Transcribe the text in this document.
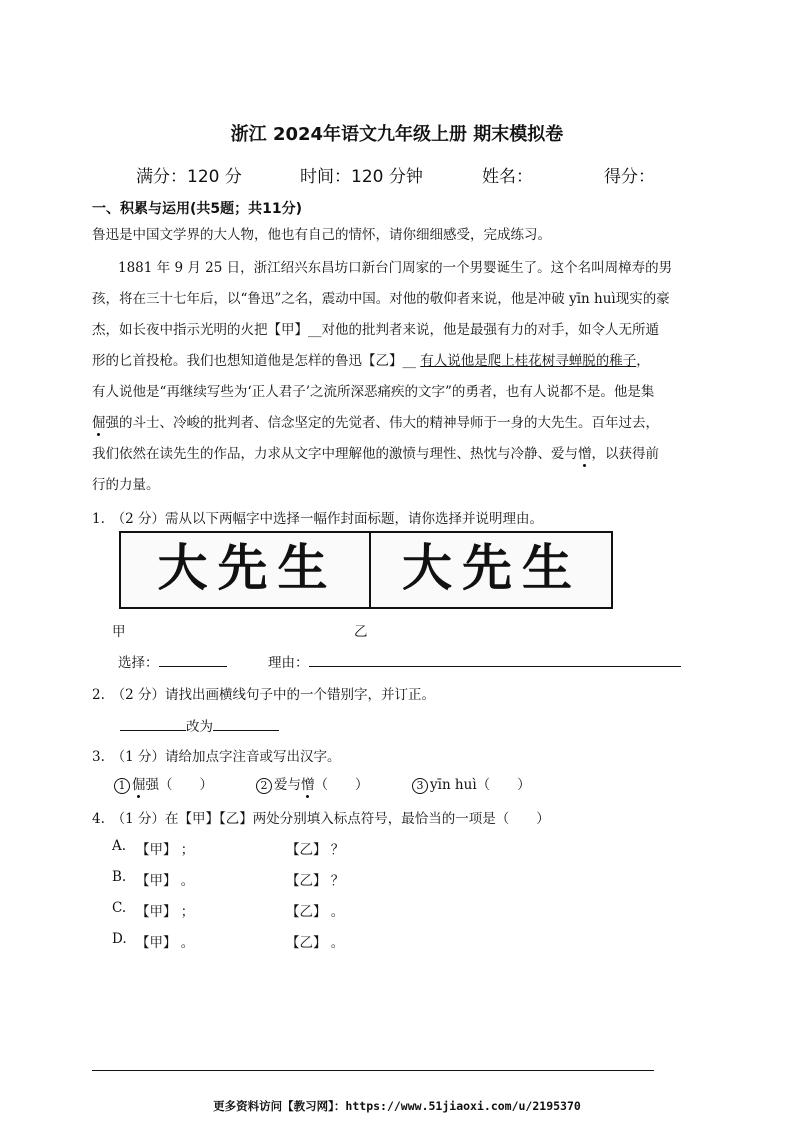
浙江 2024年语文九年级上册 期末模拟卷
满分：120 分	时间：120 分钟	姓名：	得分：
一、积累与运用(共5题；共11分)
鲁迅是中国文学界的大人物，他也有自己的情怀，请你细细感受，完成练习。
1881 年 9 月 25 日，浙江绍兴东昌坊口新台门周家的一个男婴诞生了。这个名叫周樟寿的男
孩，将在三十七年后，以“鲁迅”之名，震动中国。对他的敬仰者来说，他是冲破 yīn huì现实的豪
杰，如长夜中指示光明的火把【甲】__对他的批判者来说，他是最强有力的对手，如令人无所遁
形的匕首投枪。我们也想知道他是怎样的鲁迅【乙】__ 有人说他是爬上桂花树寻蝉脱的稚子，
有人说他是“再继续写些为‘正人君子’之流所深恶痛疾的文字”的勇者，也有人说都不是。他是集
倔强的斗士、冷峻的批判者、信念坚定的先觉者、伟大的精神导师于一身的大先生。百年过去，
我们依然在读先生的作品，力求从文字中理解他的激愤与理性、热忱与冷静、爱与憎，以获得前
行的力量。
1.　（2 分）需从以下两幅字中选择一幅作封面标题，请你选择并说明理由。
大先生	大先生
甲	乙
选择：	理由：
2.　（2 分）请找出画横线句子中的一个错别字，并订正。
改为
3.　（1 分）请给加点字注音或写出汉字。
1 倔强（　　）	2 爱与憎（　　）	3 yīn huì（　　）
4.　（1 分）在【甲】【乙】两处分别填入标点符号，最恰当的一项是（　　）
A. 【甲】 ；	【乙】 ？
B. 【甲】 。	【乙】 ？
C. 【甲】 ；	【乙】 。
D. 【甲】 。	【乙】 。
更多资料访问【教习网】：https://www.51jiaoxi.com/u/2195370
